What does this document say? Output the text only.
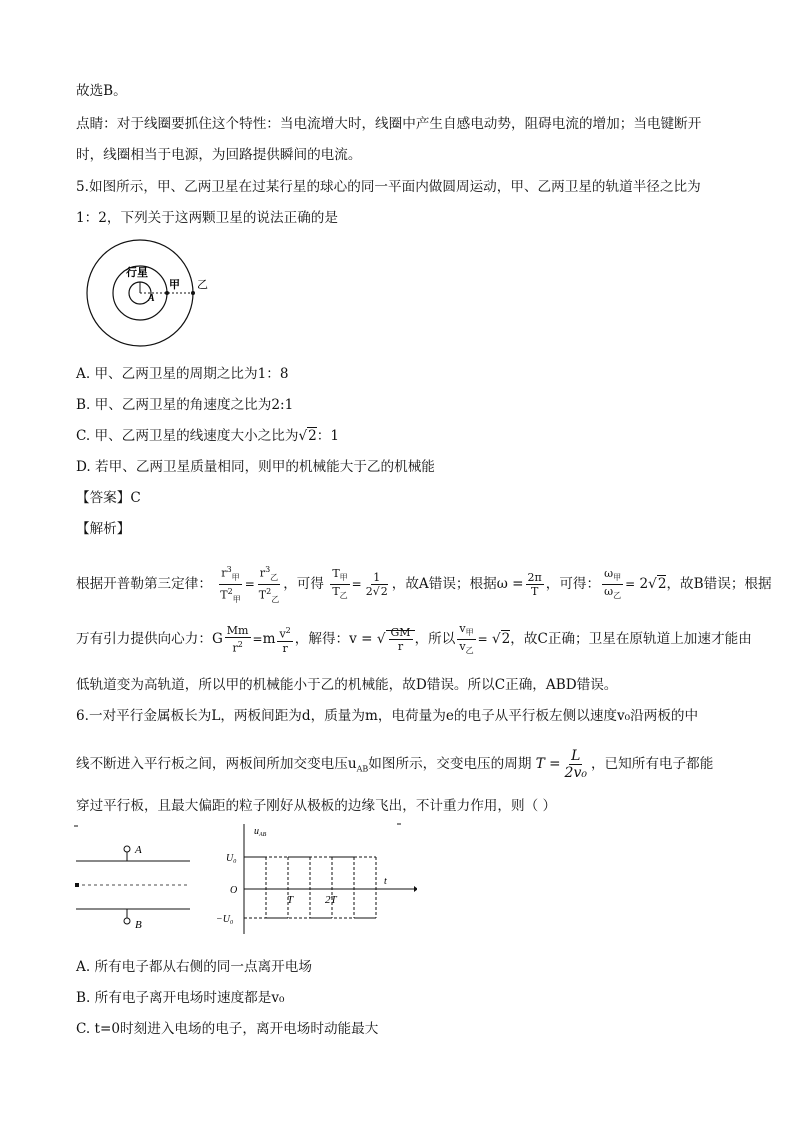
故选B。
点睛：对于线圈要抓住这个特性：当电流增大时，线圈中产生自感电动势，阻碍电流的增加；当电键断开
时，线圈相当于电源，为回路提供瞬间的电流。
5.如图所示，甲、乙两卫星在过某行星的球心的同一平面内做圆周运动，甲、乙两卫星的轨道半径之比为
1：2，下列关于这两颗卫星的说法正确的是
行星
A
甲 乙
A. 甲、乙两卫星的周期之比为1：8
B. 甲、乙两卫星的角速度之比为2:1
C. 甲、乙两卫星的线速度大小之比为√2：1
D. 若甲、乙两卫星质量相同，则甲的机械能大于乙的机械能
【答案】C
【解析】
根据开普勒第三定律： $\frac{r^3_甲}{T^2_甲} = \frac{r^3_乙}{T^2_乙}$ ，可得 $\frac{T_甲}{T_乙} = \frac{1}{2√2}$ ，故A错误；根据$\omega = \frac{2\pi}{T}$ ，可得： $\frac{\omega_甲}{\omega_乙} = 2√2$，故B错误；根据
万有引力提供向心力：G $\frac{Mm}{r^2} =m \frac{v^2}{r}$ ，解得：v = √ $\frac{GM}{r}$ ，所以 $\frac{v_甲}{v_乙} = √2$，故C正确；卫星在原轨道上加速才能由
低轨道变为高轨道，所以甲的机械能小于乙的机械能，故D错误。所以C正确，ABD错误。
6.一对平行金属板长为L，两板间距为d，质量为m，电荷量为e的电子从平行板左侧以速度v₀沿两板的中
线不断进入平行板之间，两板间所加交变电压$u_{AB}$如图所示，交变电压的周期 $T = \frac{L}{\text{2v₀}}$ ，已知所有电子都能
穿过平行板，且最大偏距的粒子刚好从极板的边缘飞出，不计重力作用，则（ ）
A
B
$u_{AB}$
$U_0$
$-U_0$
O
t
T	2T
A. 所有电子都从右侧的同一点离开电场
B. 所有电子离开电场时速度都是v₀
C. t=0时刻进入电场的电子，离开电场时动能最大
